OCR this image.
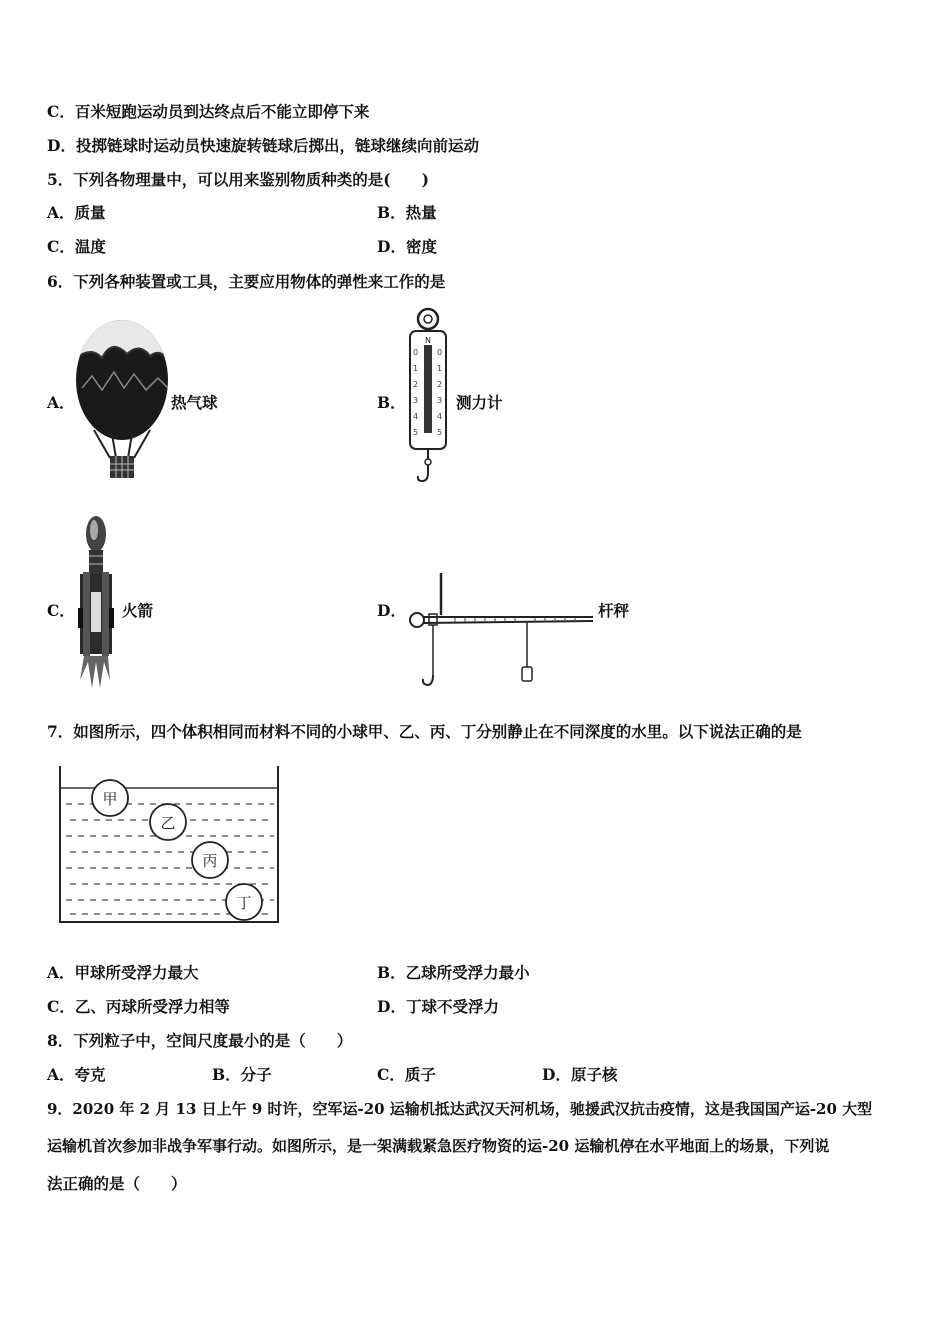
C．百米短跑运动员到达终点后不能立即停下来
D．投掷链球时运动员快速旋转链球后掷出，链球继续向前运动
5．下列各物理量中，可以用来鉴别物质种类的是(　　)
A．质量	B．热量
C．温度	D．密度
6．下列各种装置或工具，主要应用物体的弹性来工作的是
A．	热气球	B．
N
0
1
2
3
4
5
0
1
2
3
4
5
测力计
C．	火箭	D．	杆秤
7．如图所示，四个体积相同而材料不同的小球甲、乙、丙、丁分别静止在不同深度的水里。以下说法正确的是
甲
乙
丙
丁
A．甲球所受浮力最大	B．乙球所受浮力最小
C．乙、丙球所受浮力相等	D．丁球不受浮力
8．下列粒子中，空间尺度最小的是（　　）
A．夸克	B．分子	C．质子	D．原子核
9．2020 年 2 月 13 日上午 9 时许，空军运-20 运输机抵达武汉天河机场，驰援武汉抗击疫情，这是我国国产运-20 大型
运输机首次参加非战争军事行动。如图所示，是一架满载紧急医疗物资的运-20 运输机停在水平地面上的场景，下列说
法正确的是（　　）
